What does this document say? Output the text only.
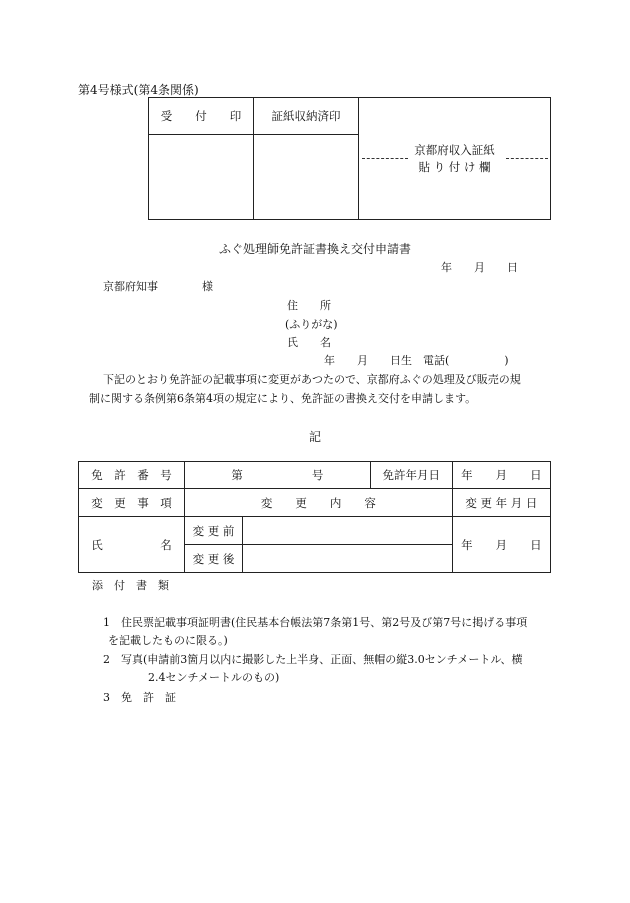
第4号様式(第4条関係)
受　　付　　印	証紙収納済印	京都府収入証紙
貼 り 付 け 欄

ふぐ処理師免許証書換え交付申請書
年　　月　　日
京都府知事　　　　様
住　　所
(ふりがな)
氏　　名
年　　月　　日生　電話(　　　　　)
下記のとおり免許証の記載事項に変更があつたので、京都府ふぐの処理及び販売の規
制に関する条例第6条第4項の規定により、免許証の書換え交付を申請します。
記
免　許　番　号	第　　　　　　号		免許年月日	年　　月　　日
変　更　事　項	変　　更　　内　　容			変 更 年 月 日
氏　　　　　名	変 更 前			年　　月　　日
	変 更 後			
添　付　書　類
1　住民票記載事項証明書(住民基本台帳法第7条第1号、第2号及び第7号に掲げる事項
を記載したものに限る。)
2　写真(申請前3箇月以内に撮影した上半身、正面、無帽の縦3.0センチメートル、横
2.4センチメートルのもの)
3　免　許　証
